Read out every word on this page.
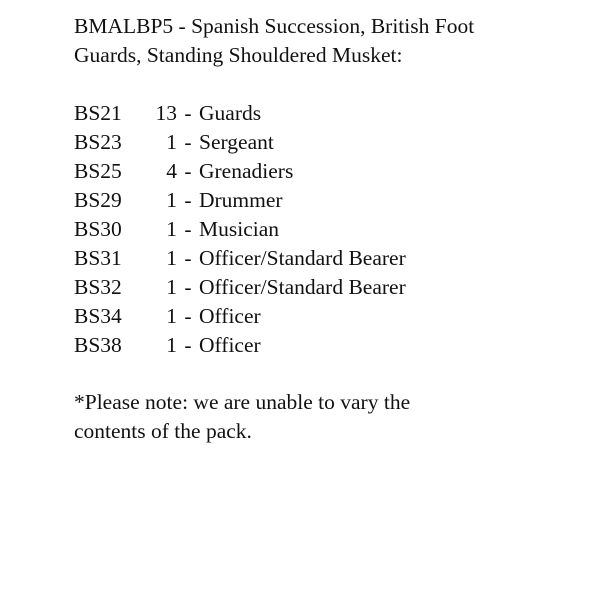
BMALBP5 - Spanish Succession, British Foot Guards, Standing Shouldered Musket:

BS21 13 - Guards
BS23 1 - Sergeant
BS25 4 - Grenadiers
BS29 1 - Drummer
BS30 1 - Musician
BS31 1 - Officer/Standard Bearer
BS32 1 - Officer/Standard Bearer
BS34 1 - Officer
BS38 1 - Officer

*Please note: we are unable to vary the contents of the pack.
